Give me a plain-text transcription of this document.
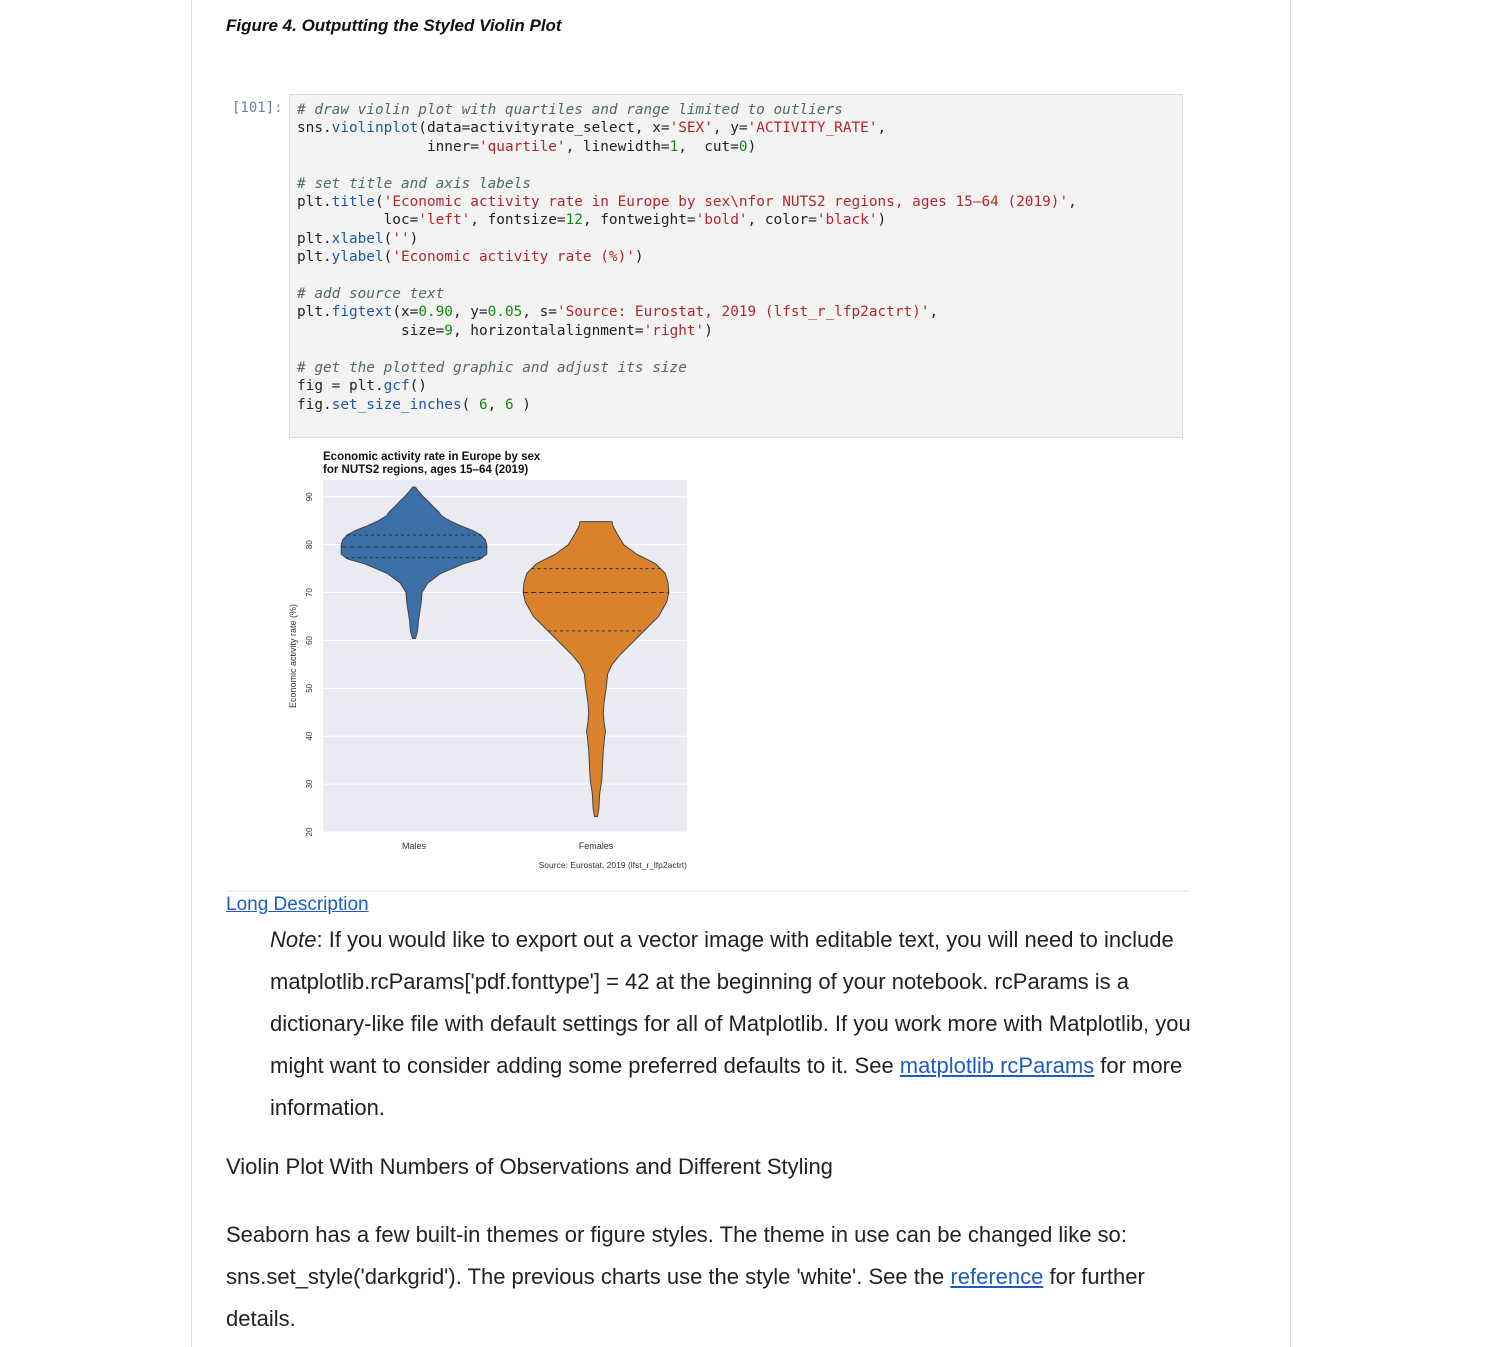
Figure 4. Outputting the Styled Violin Plot
[101]: # draw violin plot with quartiles and range limited to outliers
sns.violinplot(data=activityrate_select, x='SEX', y='ACTIVITY_RATE',
inner='quartile', linewidth=1,  cut=0)

# set title and axis labels
plt.title('Economic activity rate in Europe by sex\nfor NUTS2 regions, ages 15–64 (2019)',
loc='left', fontsize=12, fontweight='bold', color='black')
plt.xlabel('')
plt.ylabel('Economic activity rate (%)')

# add source text
plt.figtext(x=0.90, y=0.05, s='Source: Eurostat, 2019 (lfst_r_lfp2actrt)',
size=9, horizontalalignment='right')

# get the plotted graphic and adjust its size
fig = plt.gcf()
fig.set_size_inches( 6, 6 )

Economic activity rate in Europe by sex
for NUTS2 regions, ages 15–64 (2019)
20
30
40
50
60
70
80
90
Males	Females
Economic activity rate (%)
Source: Eurostat, 2019 (lfst_r_lfp2actrt)
Long Description

Note: If you would like to export out a vector image with editable text, you will need to include matplotlib.rcParams['pdf.fonttype'] = 42 at the beginning of your notebook. rcParams is a dictionary-like file with default settings for all of Matplotlib. If you work more with Matplotlib, you might want to consider adding some preferred defaults to it. See matplotlib rcParams for more information.

Violin Plot With Numbers of Observations and Different Styling

Seaborn has a few built-in themes or figure styles. The theme in use can be changed like so: sns.set_style('darkgrid'). The previous charts use the style 'white'. See the reference for further details.
